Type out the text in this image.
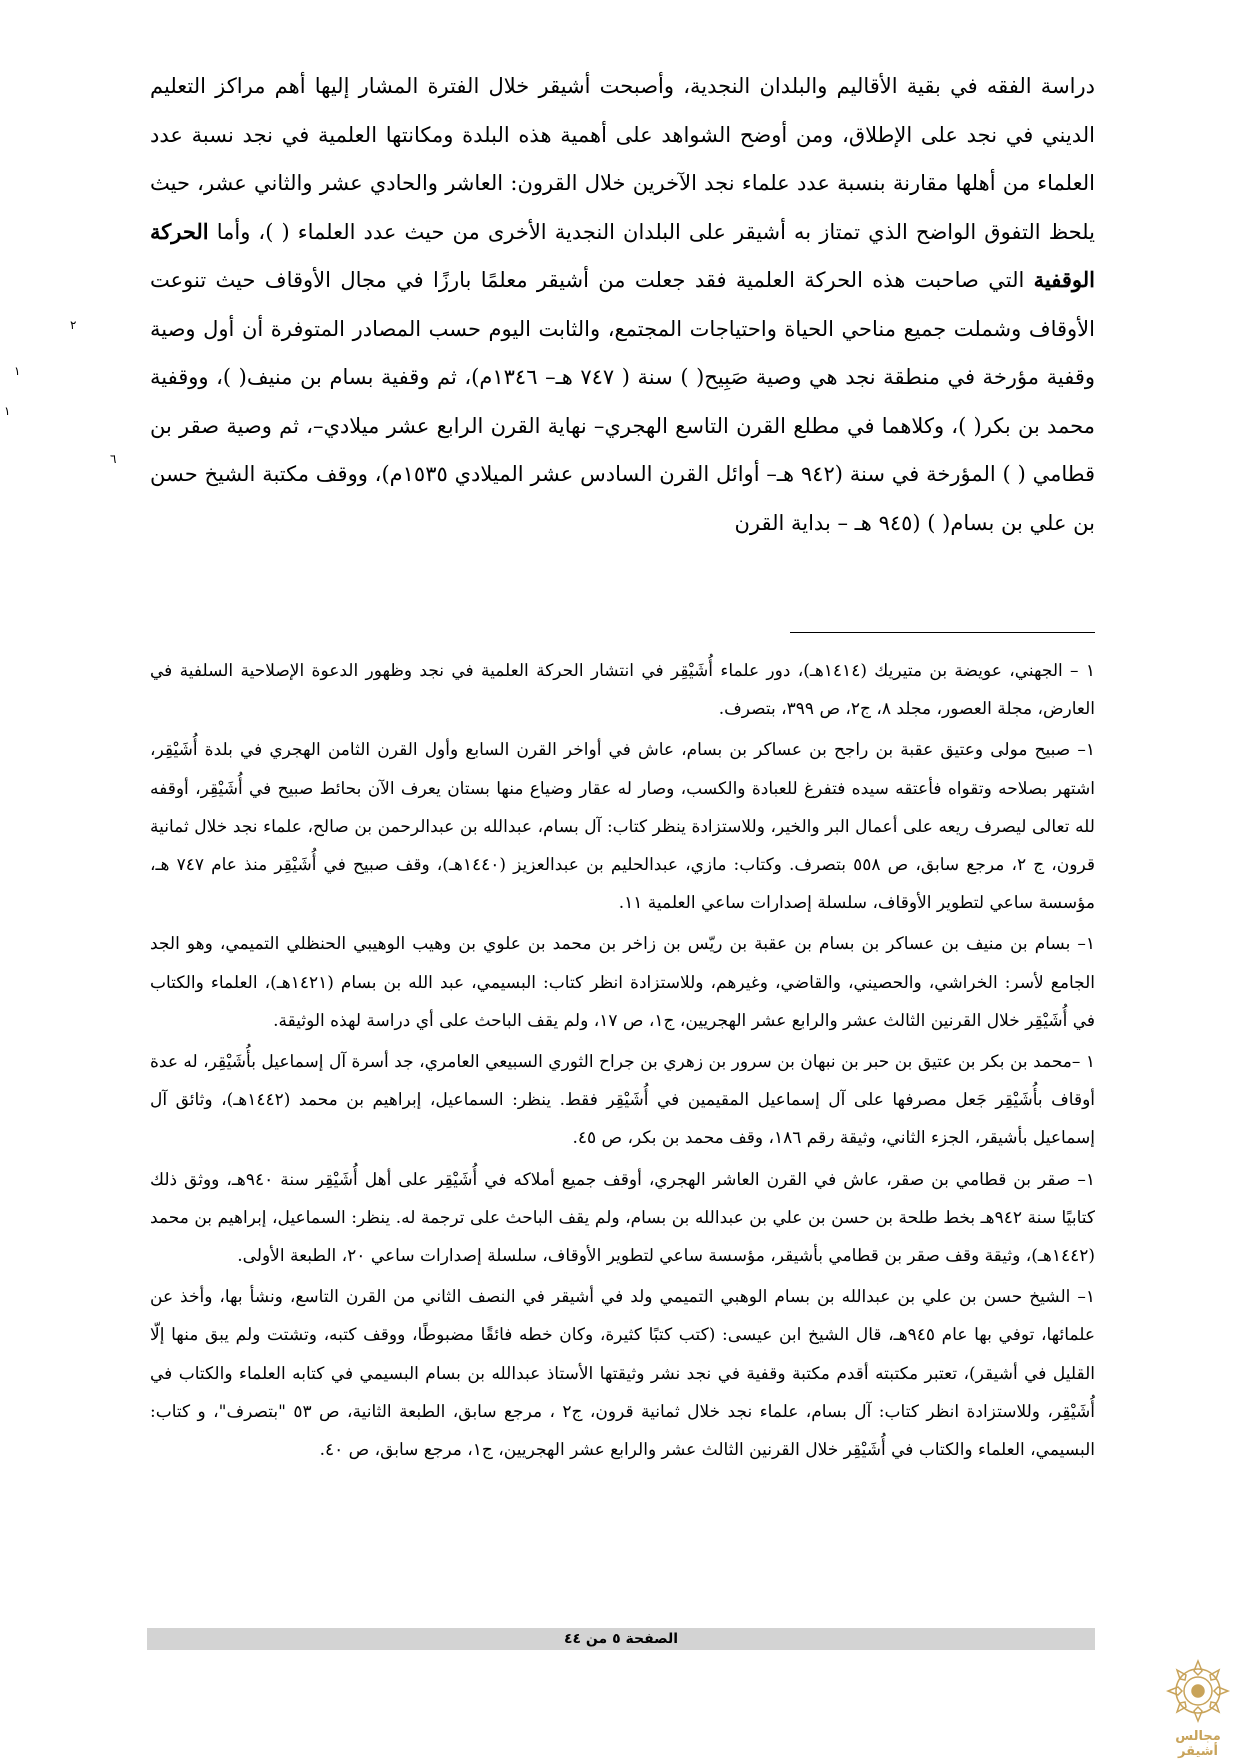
دراسة الفقه في بقية الأقاليم والبلدان النجدية، وأصبحت أشيقر خلال الفترة المشار إليها أهم مراكز التعليم الديني في نجد على الإطلاق، ومن أوضح الشواهد على أهمية هذه البلدة ومكانتها العلمية في نجد نسبة عدد العلماء من أهلها مقارنة بنسبة عدد علماء نجد الآخرين خلال القرون: العاشر والحادي عشر والثاني عشر، حيث يلحظ التفوق الواضح الذي تمتاز به أشيقر على البلدان النجدية الأخرى من حيث عدد العلماء ( )، وأما الحركة الوقفية التي صاحبت هذه الحركة العلمية فقد جعلت من أشيقر معلمًا بارزًا في مجال الأوقاف حيث تنوعت الأوقاف وشملت جميع مناحي الحياة واحتياجات المجتمع، والثابت اليوم حسب المصادر المتوفرة أن أول وصية وقفية مؤرخة في منطقة نجد هي وصية صَبِيح( ) سنة ( ٧٤٧ هـ– ١٣٤٦م)، ثم وقفية بسام بن منيف( )، ووقفية محمد بن بكر( )، وكلاهما في مطلع القرن التاسع الهجري– نهاية القرن الرابع عشر ميلادي–، ثم وصية صقر بن قطامي ( ) المؤرخة في سنة (٩٤٢ هـ– أوائل القرن السادس عشر الميلادي ١٥٣٥م)، ووقف مكتبة الشيخ حسن بن علي بن بسام( ) (٩٤٥ هـ – بداية القرن

٢
١
١
٦

١ – الجهني، عويضة بن متيريك (١٤١٤هـ)، دور علماء أُشَيْقِر في انتشار الحركة العلمية في نجد وظهور الدعوة الإصلاحية السلفية في العارض، مجلة العصور، مجلد ٨، ج٢، ص ٣٩٩، بتصرف.

١– صبيح مولى وعتيق عقبة بن راجح بن عساكر بن بسام، عاش في أواخر القرن السابع وأول القرن الثامن الهجري في بلدة أُشَيْقِر، اشتهر بصلاحه وتقواه فأعتقه سيده فتفرغ للعبادة والكسب، وصار له عقار وضياع منها بستان يعرف الآن بحائط صبيح في أُشَيْقِر، أوقفه لله تعالى ليصرف ريعه على أعمال البر والخير، وللاستزادة ينظر كتاب: آل بسام، عبدالله بن عبدالرحمن بن صالح، علماء نجد خلال ثمانية قرون، ج ٢، مرجع سابق، ص ٥٥٨ بتصرف. وكتاب: مازي، عبدالحليم بن عبدالعزيز (١٤٤٠هـ)، وقف صبيح في أُشَيْقِر منذ عام ٧٤٧ هـ، مؤسسة ساعي لتطوير الأوقاف، سلسلة إصدارات ساعي العلمية ١١.

١– بسام بن منيف بن عساكر بن بسام بن عقبة بن ريّس بن زاخر بن محمد بن علوي بن وهيب الوهيبي الحنظلي التميمي، وهو الجد الجامع لأسر: الخراشي، والحصيني، والقاضي، وغيرهم، وللاستزادة انظر كتاب: البسيمي، عبد الله بن بسام (١٤٢١هـ)، العلماء والكتاب في أُشَيْقِر خلال القرنين الثالث عشر والرابع عشر الهجريين، ج١، ص ١٧، ولم يقف الباحث على أي دراسة لهذه الوثيقة.

١ –محمد بن بكر بن عتيق بن حبر بن نبهان بن سرور بن زهري بن جراح الثوري السبيعي العامري، جد أسرة آل إسماعيل بأُشَيْقِر، له عدة أوقاف بأُشَيْقِر جَعل مصرفها على آل إسماعيل المقيمين في أُشَيْقِر فقط. ينظر: السماعيل، إبراهيم بن محمد (١٤٤٢هـ)، وثائق آل إسماعيل بأشيقر، الجزء الثاني، وثيقة رقم ١٨٦، وقف محمد بن بكر، ص ٤٥.

١– صقر بن قطامي بن صقر، عاش في القرن العاشر الهجري، أوقف جميع أملاكه في أُشَيْقِر على أهل أُشَيْقِر سنة ٩٤٠هـ، ووثق ذلك كتابيًا سنة ٩٤٢هـ بخط طلحة بن حسن بن علي بن عبدالله بن بسام، ولم يقف الباحث على ترجمة له. ينظر: السماعيل، إبراهيم بن محمد (١٤٤٢هـ)، وثيقة وقف صقر بن قطامي بأشيقر، مؤسسة ساعي لتطوير الأوقاف، سلسلة إصدارات ساعي ٢٠، الطبعة الأولى.

١– الشيخ حسن بن علي بن عبدالله بن بسام الوهبي التميمي ولد في أشيقر في النصف الثاني من القرن التاسع، ونشأ بها، وأخذ عن علمائها، توفي بها عام ٩٤٥هـ، قال الشيخ ابن عيسى: (كتب كتبًا كثيرة، وكان خطه فائقًا مضبوطًا، ووقف كتبه، وتشتت ولم يبق منها إلّا القليل في أشيقر)، تعتبر مكتبته أقدم مكتبة وقفية في نجد نشر وثيقتها الأستاذ عبدالله بن بسام البسيمي في كتابه العلماء والكتاب في أُشَيْقِر، وللاستزادة انظر كتاب: آل بسام، علماء نجد خلال ثمانية قرون، ج٢ ، مرجع سابق، الطبعة الثانية، ص ٥٣ "بتصرف"، و كتاب: البسيمي، العلماء والكتاب في أُشَيْقِر خلال القرنين الثالث عشر والرابع عشر الهجريين، ج١، مرجع سابق، ص ٤٠.

الصفحة ٥ من ٤٤
مجالس أشيقر
